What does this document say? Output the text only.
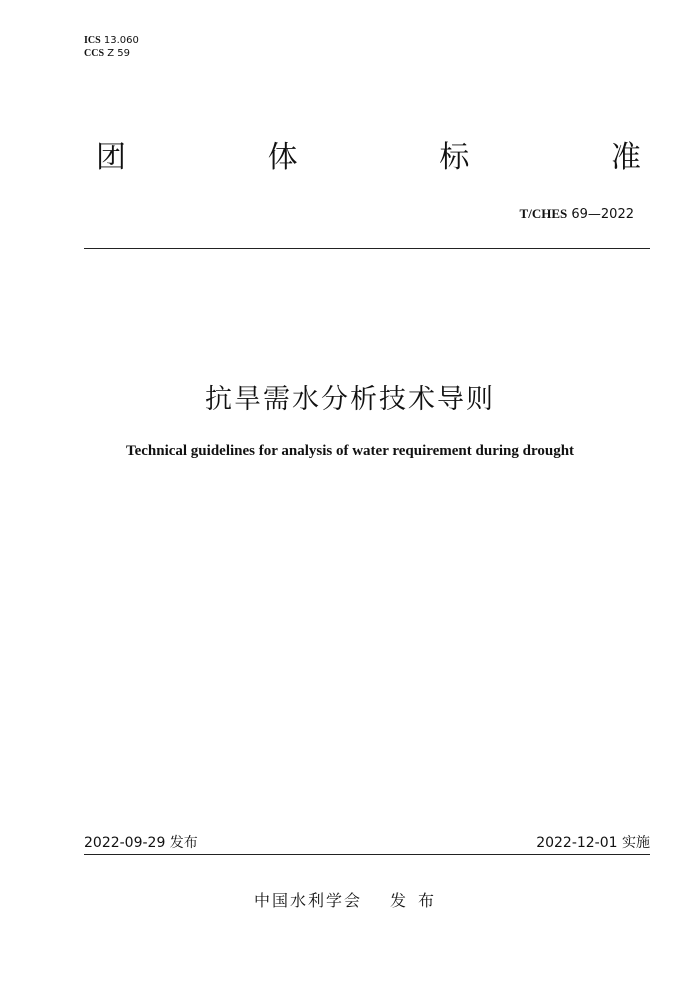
ICS 13.060
CCS Z 59
团	体	标	准
T/CHES 69—2022
抗旱需水分析技术导则
Technical guidelines for analysis of water requirement during drought
2022-09-29 发布	2022-12-01 实施
中国水利学会 发布
